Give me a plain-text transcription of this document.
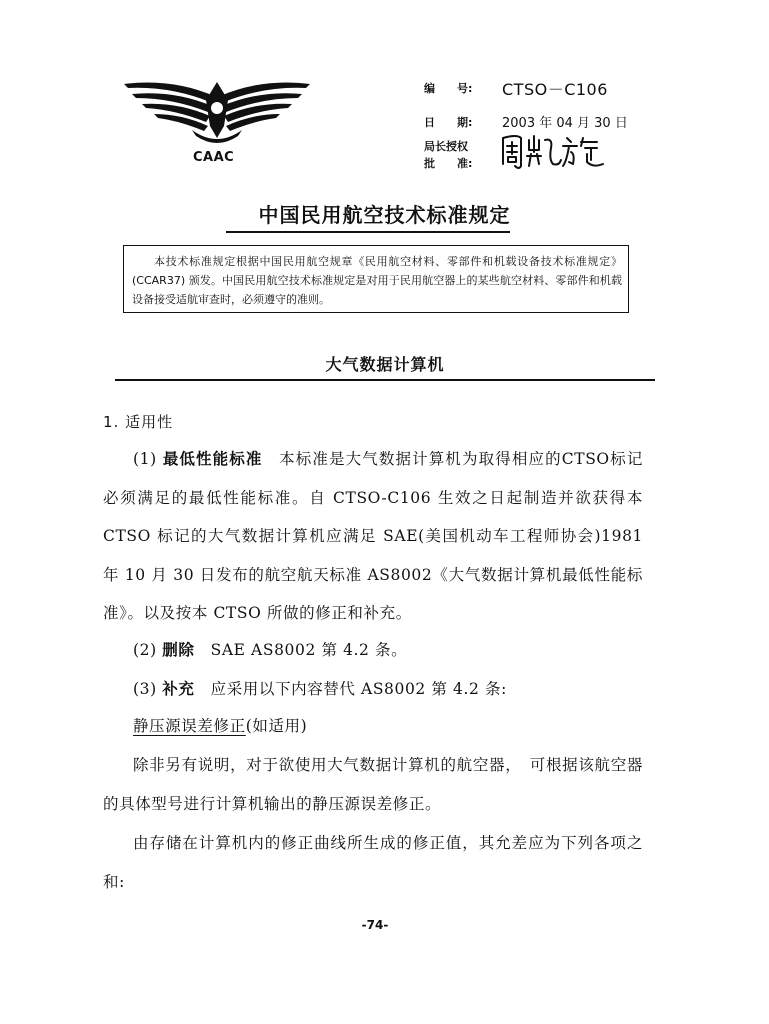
CAAC
编　　号: CTSO－C106
日　　期: 2003 年 04 月 30 日
局长授权
批　　准:
中国民用航空技术标准规定
本技术标准规定根据中国民用航空规章《民用航空材料、零部件和机载设备技术标准规定》(CCAR37) 颁发。中国民用航空技术标准规定是对用于民用航空器上的某些航空材料、零部件和机载设备接受适航审查时，必须遵守的准则。
大气数据计算机
1. 适用性
(1) 最低性能标准　本标准是大气数据计算机为取得相应的CTSO标记必须满足的最低性能标准。自 CTSO-C106 生效之日起制造并欲获得本 CTSO 标记的大气数据计算机应满足 SAE(美国机动车工程师协会)1981 年 10 月 30 日发布的航空航天标准 AS8002《大气数据计算机最低性能标准》。以及按本 CTSO 所做的修正和补充。
(2) 删除　SAE AS8002 第 4.2 条。
(3) 补充　应采用以下内容替代 AS8002 第 4.2 条:
静压源误差修正(如适用)
除非另有说明，对于欲使用大气数据计算机的航空器，　可根据该航空器的具体型号进行计算机输出的静压源误差修正。
由存储在计算机内的修正曲线所生成的修正值，其允差应为下列各项之和:
-74-
